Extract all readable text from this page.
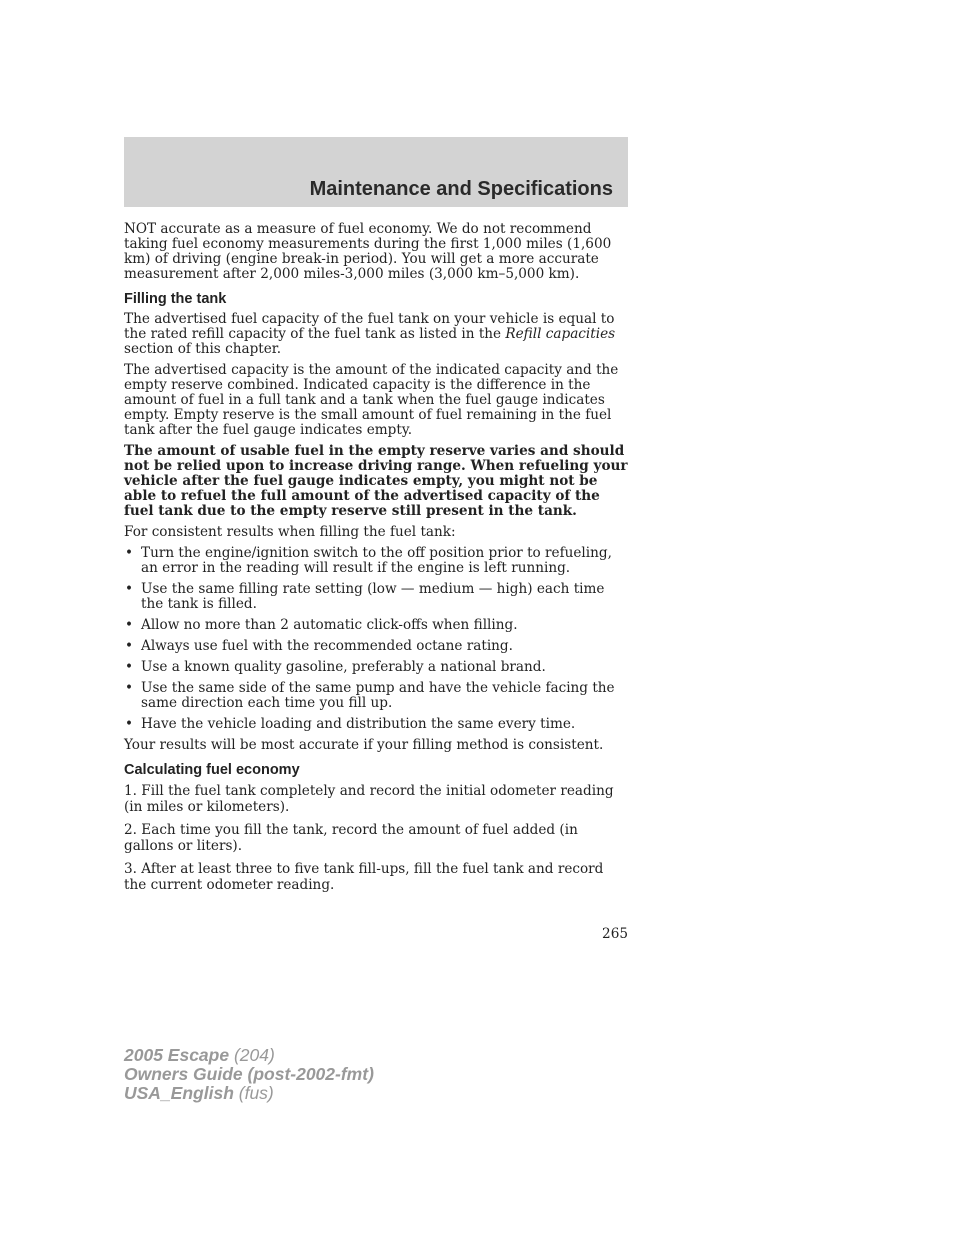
Maintenance and Specifications

NOT accurate as a measure of fuel economy. We do not recommend taking fuel economy measurements during the first 1,000 miles (1,600 km) of driving (engine break-in period). You will get a more accurate measurement after 2,000 miles-3,000 miles (3,000 km–5,000 km).

Filling the tank

The advertised fuel capacity of the fuel tank on your vehicle is equal to the rated refill capacity of the fuel tank as listed in the Refill capacities section of this chapter.

The advertised capacity is the amount of the indicated capacity and the empty reserve combined. Indicated capacity is the difference in the amount of fuel in a full tank and a tank when the fuel gauge indicates empty. Empty reserve is the small amount of fuel remaining in the fuel tank after the fuel gauge indicates empty.

The amount of usable fuel in the empty reserve varies and should not be relied upon to increase driving range. When refueling your vehicle after the fuel gauge indicates empty, you might not be able to refuel the full amount of the advertised capacity of the fuel tank due to the empty reserve still present in the tank.

For consistent results when filling the fuel tank:

• Turn the engine/ignition switch to the off position prior to refueling, an error in the reading will result if the engine is left running.
• Use the same filling rate setting (low — medium — high) each time the tank is filled.
• Allow no more than 2 automatic click-offs when filling.
• Always use fuel with the recommended octane rating.
• Use a known quality gasoline, preferably a national brand.
• Use the same side of the same pump and have the vehicle facing the same direction each time you fill up.
• Have the vehicle loading and distribution the same every time.

Your results will be most accurate if your filling method is consistent.

Calculating fuel economy

1. Fill the fuel tank completely and record the initial odometer reading (in miles or kilometers).

2. Each time you fill the tank, record the amount of fuel added (in gallons or liters).

3. After at least three to five tank fill-ups, fill the fuel tank and record the current odometer reading.

265

2005 Escape (204)
Owners Guide (post-2002-fmt)
USA_English (fus)
